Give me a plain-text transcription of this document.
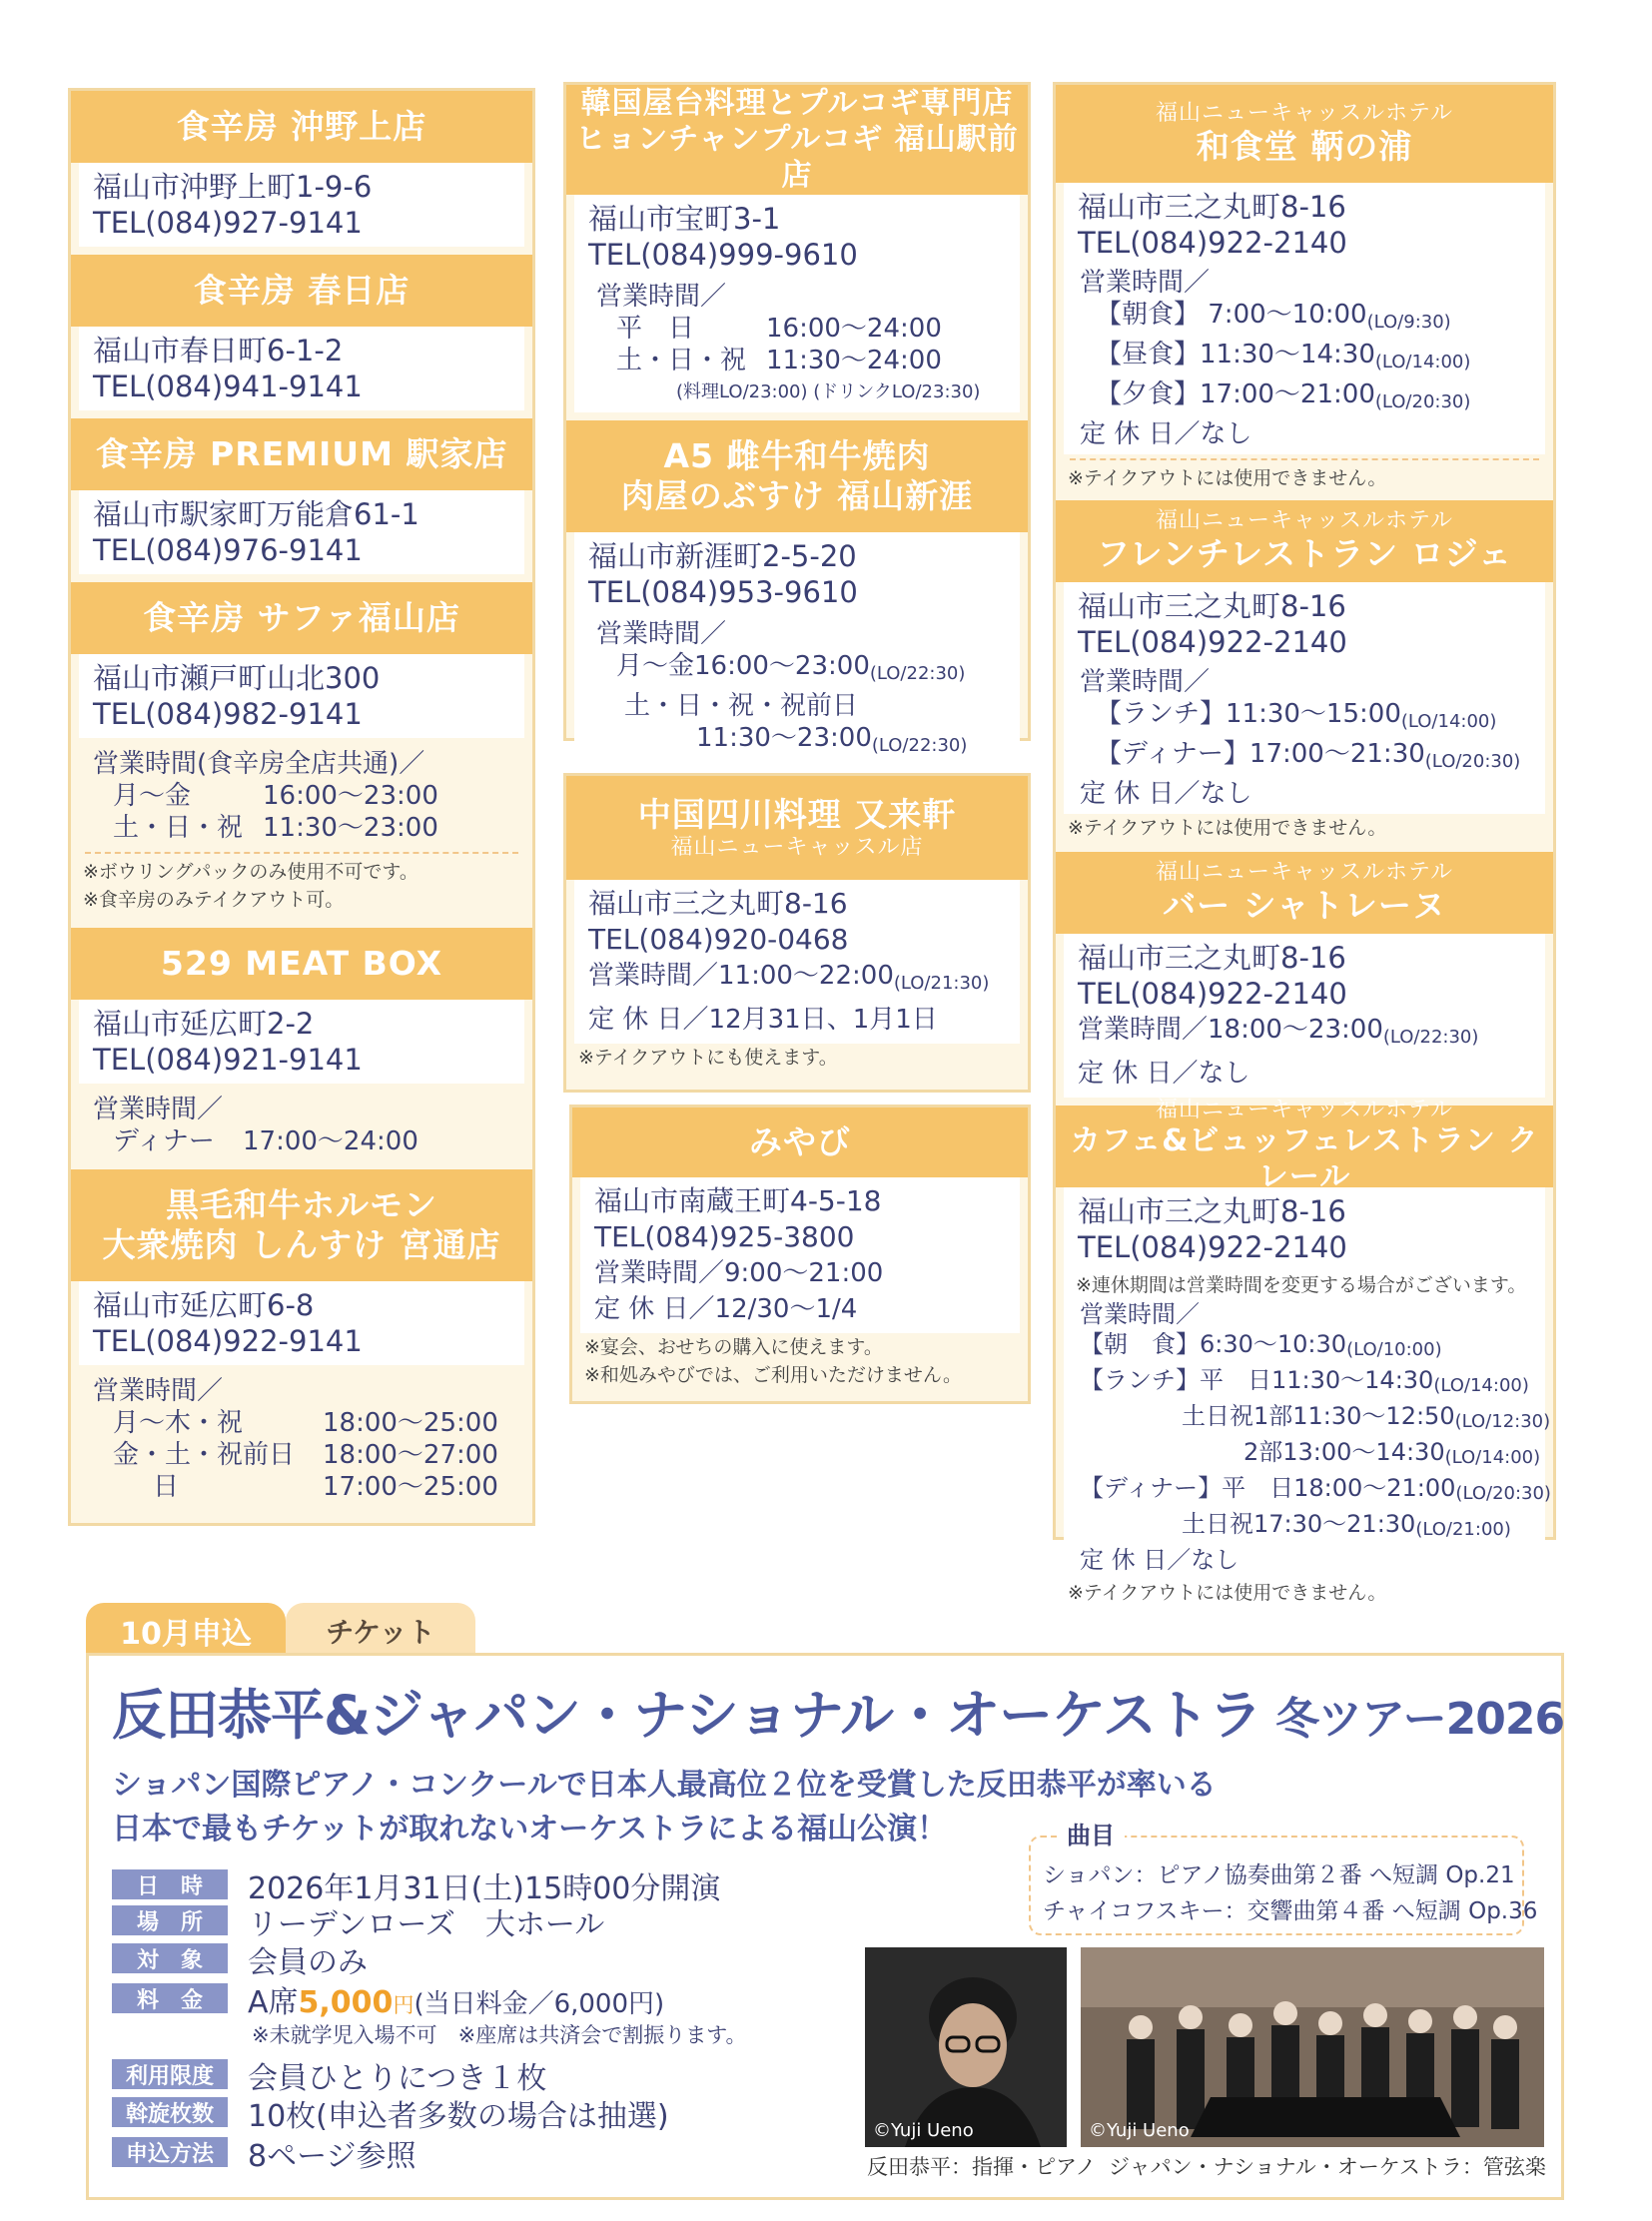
食辛房 沖野上店
福山市沖野上町1-9-6
TEL(084)927-9141
食辛房 春日店
福山市春日町6-1-2
TEL(084)941-9141
食辛房 PREMIUM 駅家店
福山市駅家町万能倉61-1
TEL(084)976-9141
食辛房 サファ福山店
福山市瀬戸町山北300
TEL(084)982-9141
営業時間(食辛房全店共通)／
月～金	16:00～23:00
土・日・祝 11:30～23:00
※ボウリングパックのみ使用不可です。
※食辛房のみテイクアウト可。
529 MEAT BOX
福山市延広町2-2
TEL(084)921-9141
営業時間／
ディナー	17:00～24:00
黒毛和牛ホルモン
大衆焼肉 しんすけ 宮通店
福山市延広町6-8
TEL(084)922-9141
営業時間／
月～木・祝	18:00～25:00
金・土・祝前日	18:00～27:00
日	17:00～25:00
韓国屋台料理とプルコギ専門店
ヒョンチャンプルコギ 福山駅前店
福山市宝町3-1
TEL(084)999-9610
営業時間／
平　日	16:00～24:00
土・日・祝 11:30～24:00
(料理LO/23:00) (ドリンクLO/23:30)
A5 雌牛和牛焼肉
肉屋のぶすけ 福山新涯
福山市新涯町2-5-20
TEL(084)953-9610
営業時間／
月～金16:00～23:00 (LO/22:30)
土・日・祝・祝前日
11:30～23:00 (LO/22:30)
中国四川料理 又来軒
福山ニューキャッスル店
福山市三之丸町8-16
TEL(084)920-0468
営業時間／11:00～22:00 (LO/21:30)
定 休 日／12月31日、1月1日
※テイクアウトにも使えます。
みやび
福山市南蔵王町4-5-18
TEL(084)925-3800
営業時間／9:00～21:00
定 休 日／12/30～1/4
※宴会、おせちの購入に使えます。
※和処みやびでは、ご利用いただけません。
福山ニューキャッスルホテル
和食堂 鞆の浦
福山市三之丸町8-16
TEL(084)922-2140
営業時間／
【朝食】 7:00～10:00 (LO/9:30)
【昼食】11:30～14:30 (LO/14:00)
【夕食】17:00～21:00 (LO/20:30)
定 休 日／なし
※テイクアウトには使用できません。
福山ニューキャッスルホテル
フレンチレストラン ロジェ
福山市三之丸町8-16
TEL(084)922-2140
営業時間／
【ランチ】11:30～15:00 (LO/14:00)
【ディナー】17:00～21:30 (LO/20:30)
定 休 日／なし
※テイクアウトには使用できません。
福山ニューキャッスルホテル
バー シャトレーヌ
福山市三之丸町8-16
TEL(084)922-2140
営業時間／18:00～23:00 (LO/22:30)
定 休 日／なし
福山ニューキャッスルホテル
カフェ&ビュッフェレストラン クレール
福山市三之丸町8-16
TEL(084)922-2140
※連休期間は営業時間を変更する場合がございます。
営業時間／
【朝　食】6:30～10:30 (LO/10:00)
【ランチ】平　日11:30～14:30 (LO/14:00)
土日祝1部11:30～12:50 (LO/12:30)
2部13:00～14:30 (LO/14:00)
【ディナー】平　日18:00～21:00 (LO/20:30)
土日祝17:30～21:30 (LO/21:00)
定 休 日／なし
※テイクアウトには使用できません。
10月申込	チケット
反田恭平&ジャパン・ナショナル・オーケストラ 冬ツアー2026
ショパン国際ピアノ・コンクールで日本人最高位２位を受賞した反田恭平が率いる
日本で最もチケットが取れないオーケストラによる福山公演！
日　時	2026年1月31日(土)15時00分開演
場　所	リーデンローズ　大ホール
対　象	会員のみ
料　金	A席5,000円(当日料金／6,000円)
※未就学児入場不可　 ※座席は共済会で割振ります。
利用限度	会員ひとりにつき１枚
斡旋枚数	10枚(申込者多数の場合は抽選)
申込方法	8ページ参照
ショパン：ピアノ協奏曲第２番 へ短調 Op.21
チャイコフスキー：交響曲第４番 へ短調 Op.36
曲目
©Yuji Ueno
反田恭平：指揮・ピアノ
©Yuji Ueno
ジャパン・ナショナル・オーケストラ：管弦楽
